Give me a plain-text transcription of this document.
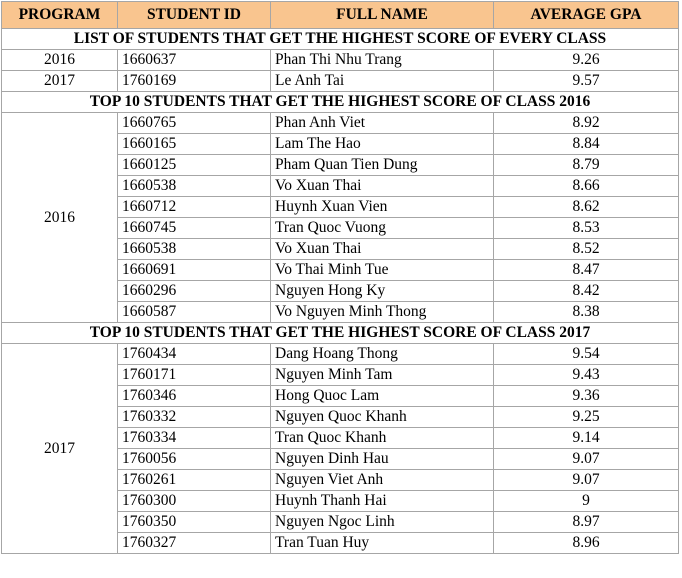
PROGRAM	STUDENT ID	FULL NAME	AVERAGE GPA
LIST OF STUDENTS THAT GET THE HIGHEST SCORE OF EVERY CLASS			
2016	1660637	Phan Thi Nhu Trang	9.26
2017	1760169	Le Anh Tai	9.57
TOP 10 STUDENTS THAT GET THE HIGHEST SCORE OF CLASS 2016			
2016	1660765	Phan Anh Viet	8.92
	1660165	Lam The Hao	8.84
	1660125	Pham Quan Tien Dung	8.79
	1660538	Vo Xuan Thai	8.66
	1660712	Huynh Xuan Vien	8.62
	1660745	Tran Quoc Vuong	8.53
	1660538	Vo Xuan Thai	8.52
	1660691	Vo Thai Minh Tue	8.47
	1660296	Nguyen Hong Ky	8.42
	1660587	Vo Nguyen Minh Thong	8.38
TOP 10 STUDENTS THAT GET THE HIGHEST SCORE OF CLASS 2017			
2017	1760434	Dang Hoang Thong	9.54
	1760171	Nguyen Minh Tam	9.43
	1760346	Hong Quoc Lam	9.36
	1760332	Nguyen Quoc Khanh	9.25
	1760334	Tran Quoc Khanh	9.14
	1760056	Nguyen Dinh Hau	9.07
	1760261	Nguyen Viet Anh	9.07
	1760300	Huynh Thanh Hai	9
	1760350	Nguyen Ngoc Linh	8.97
	1760327	Tran Tuan Huy	8.96
